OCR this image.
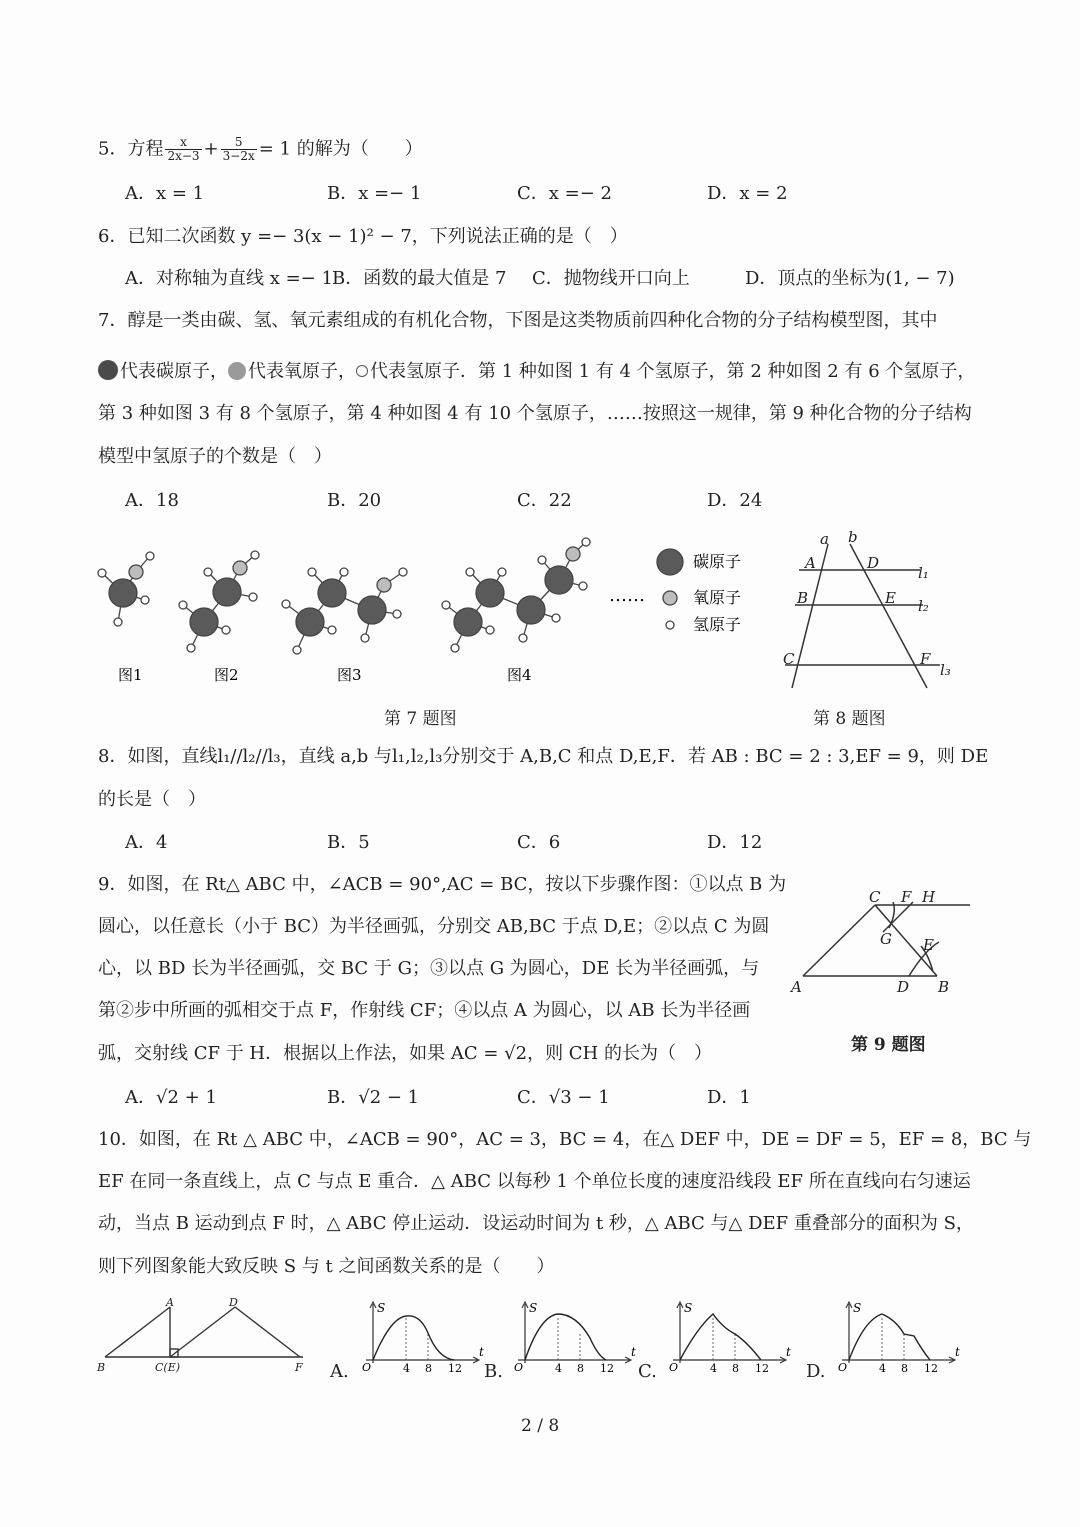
5．方程 $\frac{x}{2x-3} + \frac{5}{3-2x} = 1$ 的解为（　　）
A．x = 1	B．x =− 1	C．x =− 2	D．x = 2
6．已知二次函数 y =− 3(x − 1)² − 7，下列说法正确的是（　）
A．对称轴为直线 x =− 1 B．函数的最大值是 7 C．抛物线开口向上	D．顶点的坐标为(1, − 7)
7．醇是一类由碳、氢、氧元素组成的有机化合物，下图是这类物质前四种化合物的分子结构模型图，其中
代表碳原子， 代表氧原子， 代表氢原子．第 1 种如图 1 有 4 个氢原子，第 2 种如图 2 有 6 个氢原子，
第 3 种如图 3 有 8 个氢原子，第 4 种如图 4 有 10 个氢原子，……按照这一规律，第 9 种化合物的分子结构
模型中氢原子的个数是（　）
A．18	B．20	C．22	D．24
图1	图2	图3	图4
……
碳原子
氧原子
氢原子
第 7 题图
a b
A	D
l₁
B	E l₂
C	F
l₃
第 8 题图
8．如图，直线l₁//l₂//l₃，直线 a,b 与l₁,l₂,l₃分别交于 A,B,C 和点 D,E,F．若 AB : BC = 2 : 3,EF = 9，则 DE
的长是（　）
A．4	B．5	C．6	D．12
9．如图，在 Rt△ ABC 中，∠ACB = 90°,AC = BC，按以下步骤作图：①以点 B 为
圆心，以任意长（小于 BC）为半径画弧，分别交 AB,BC 于点 D,E；②以点 C 为圆
心，以 BD 长为半径画弧，交 BC 于 G；③以点 G 为圆心，DE 长为半径画弧，与
第②步中所画的弧相交于点 F，作射线 CF；④以点 A 为圆心，以 AB 长为半径画
弧，交射线 CF 于 H．根据以上作法，如果 AC = √2，则 CH 的长为（　）
A．√2 + 1	B．√2 − 1	C．√3 − 1	D．1
C F H
G E
A	D B
第 9 题图
10．如图，在 Rt △ ABC 中，∠ACB = 90°，AC = 3，BC = 4，在△ DEF 中，DE = DF = 5，EF = 8，BC 与
EF 在同一条直线上，点 C 与点 E 重合．△ ABC 以每秒 1 个单位长度的速度沿线段 EF 所在直线向右匀速运
动，当点 B 运动到点 F 时，△ ABC 停止运动．设运动时间为 t 秒，△ ABC 与△ DEF 重叠部分的面积为 S，
则下列图象能大致反映 S 与 t 之间函数关系的是（　　）
A	D
B	C(E)	F A.	B.	C.	D.
S
t
O	4 8 12
S
t
O	4 8 12
S
t
O	4 8 12
S
t
O	4 8 12
2 / 8
